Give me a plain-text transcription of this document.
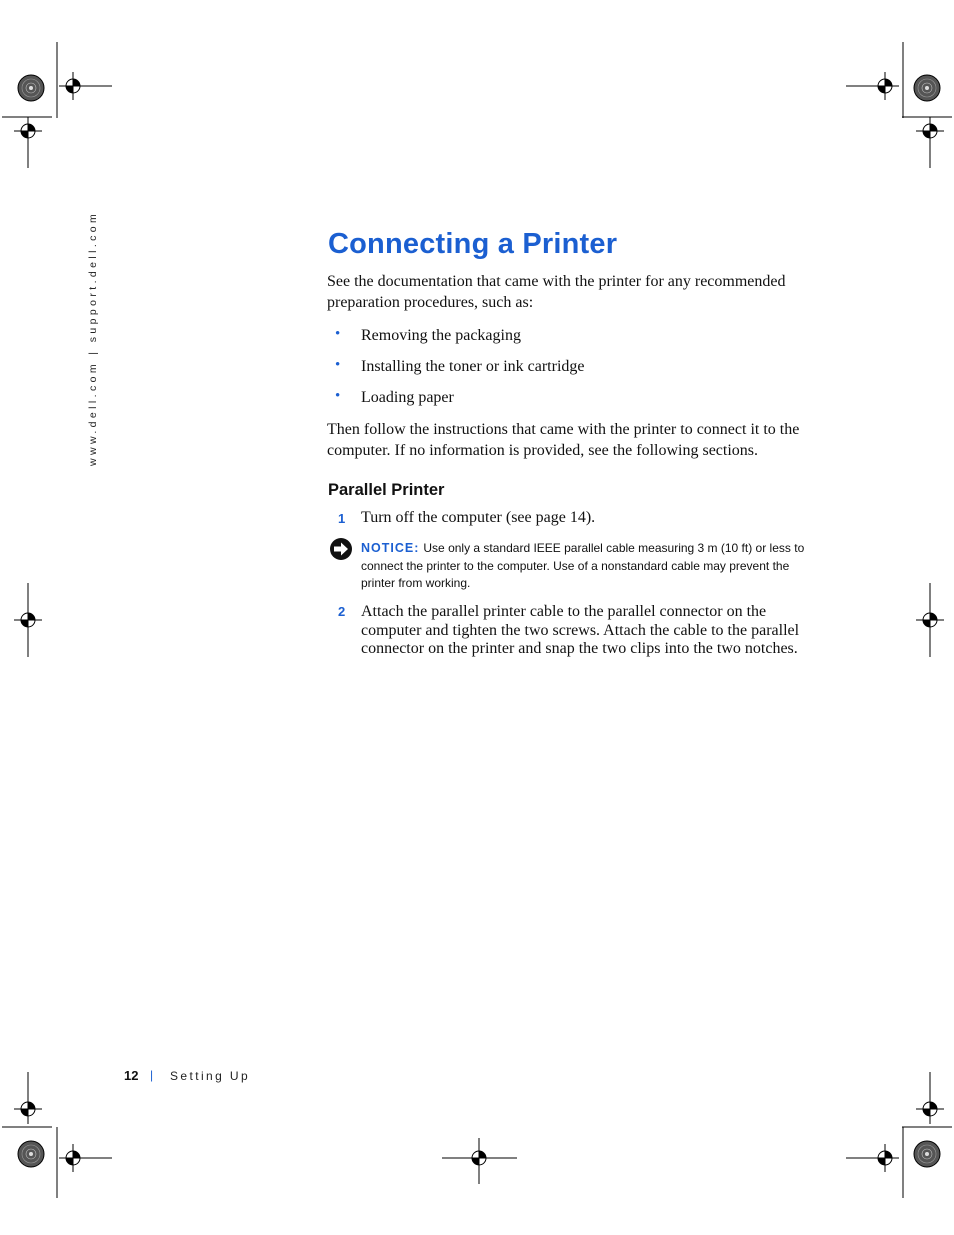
www.dell.com | support.dell.com	Connecting a Printer

See the documentation that came with the printer for any recommended preparation procedures, such as:

• Removing the packaging
• Installing the toner or ink cartridge
• Loading paper

Then follow the instructions that came with the printer to connect it to the computer. If no information is provided, see the following sections.

Parallel Printer
1 Turn off the computer (see page 14).
NOTICE: Use only a standard IEEE parallel cable measuring 3 m (10 ft) or less to connect the printer to the computer. Use of a nonstandard cable may prevent the printer from working.
2 Attach the parallel printer cable to the parallel connector on the computer and tighten the two screws. Attach the cable to the parallel connector on the printer and snap the two clips into the two notches.
12 | Setting Up
